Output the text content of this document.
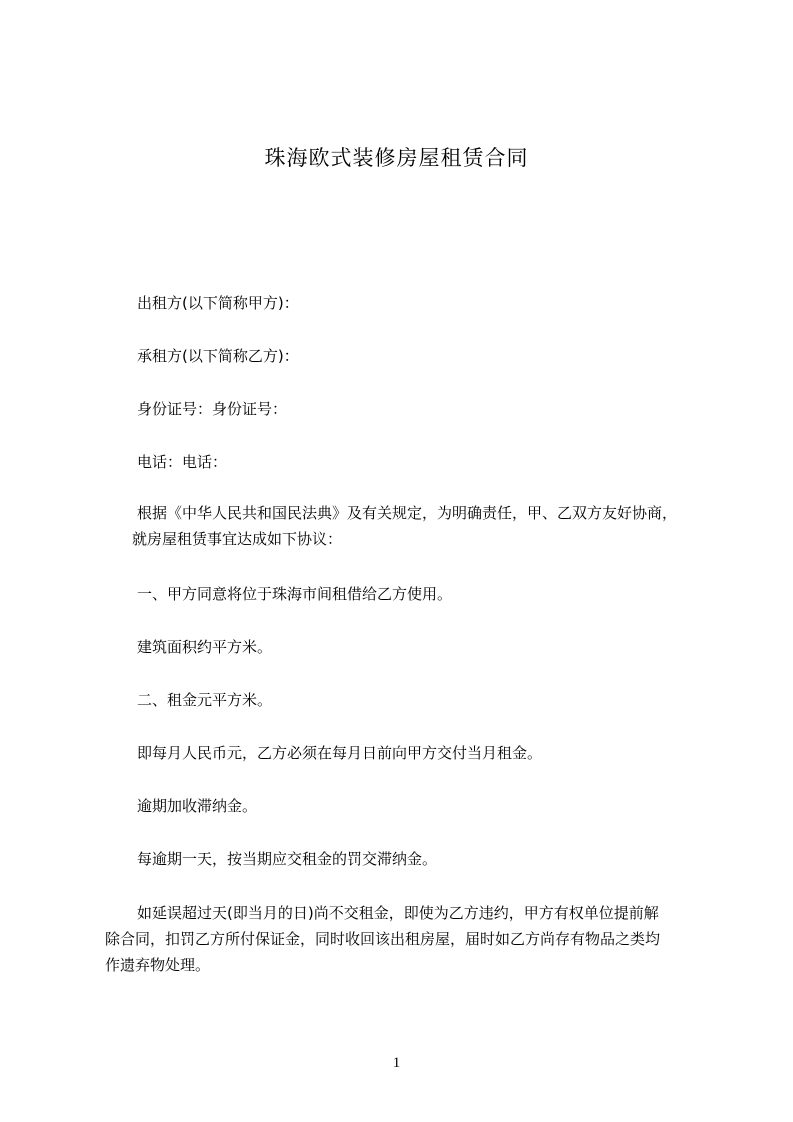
珠海欧式装修房屋租赁合同
出租方(以下简称甲方)：
承租方(以下简称乙方)：
身份证号：身份证号：
电话：电话：
根据《中华人民共和国民法典》及有关规定，为明确责任，甲、乙双方友好协商，
就房屋租赁事宜达成如下协议：
一、甲方同意将位于珠海市间租借给乙方使用。
建筑面积约平方米。
二、租金元平方米。
即每月人民币元，乙方必须在每月日前向甲方交付当月租金。
逾期加收滞纳金。
每逾期一天，按当期应交租金的罚交滞纳金。
如延误超过天(即当月的日)尚不交租金，即使为乙方违约，甲方有权单位提前解
除合同，扣罚乙方所付保证金，同时收回该出租房屋，届时如乙方尚存有物品之类均
作遗弃物处理。
1
